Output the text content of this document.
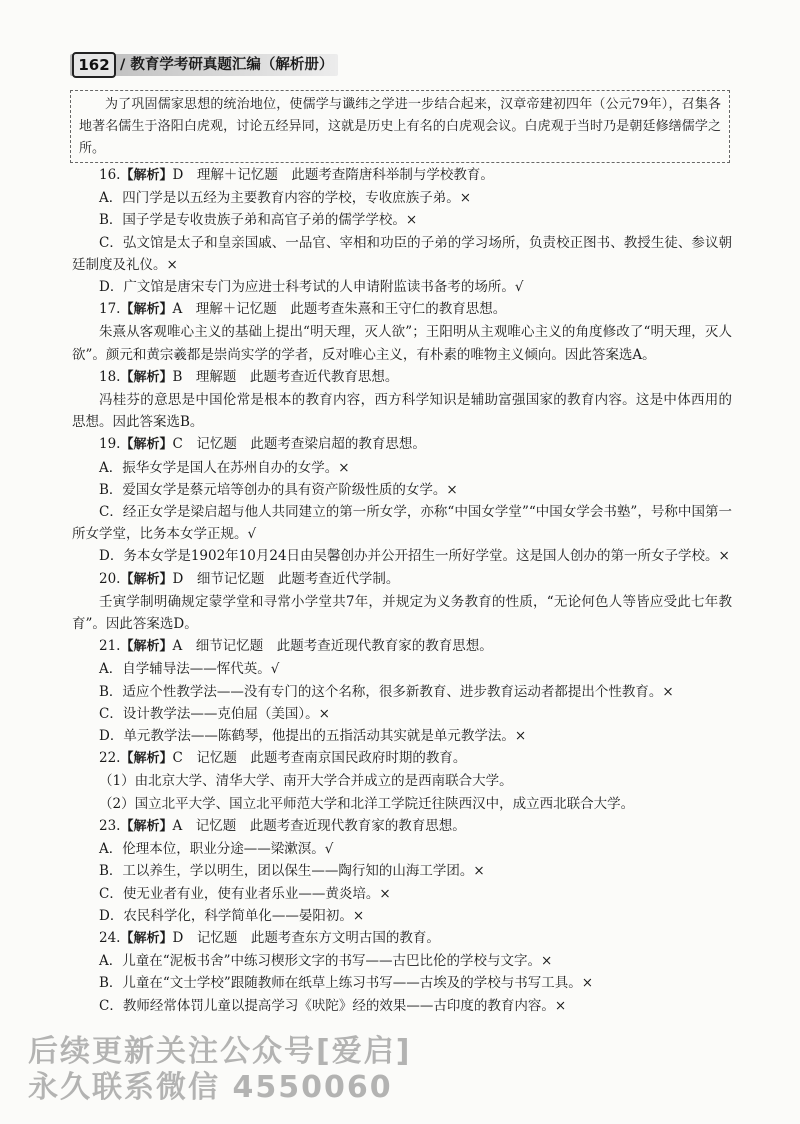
162 / 教育学考研真题汇编（解析册）

为了巩固儒家思想的统治地位，使儒学与谶纬之学进一步结合起来，汉章帝建初四年（公元79年），召集各地著名儒生于洛阳白虎观，讨论五经异同，这就是历史上有名的白虎观会议。白虎观于当时乃是朝廷修缮儒学之所。

16.【解析】D　理解＋记忆题　此题考查隋唐科举制与学校教育。
A．四门学是以五经为主要教育内容的学校，专收庶族子弟。×
B．国子学是专收贵族子弟和高官子弟的儒学学校。×
C．弘文馆是太子和皇亲国戚、一品官、宰相和功臣的子弟的学习场所，负责校正图书、教授生徒、参议朝廷制度及礼仪。×
D．广文馆是唐宋专门为应进士科考试的人申请附监读书备考的场所。√
17.【解析】A　理解＋记忆题　此题考查朱熹和王守仁的教育思想。
朱熹从客观唯心主义的基础上提出“明天理，灭人欲”；王阳明从主观唯心主义的角度修改了“明天理，灭人欲”。颜元和黄宗羲都是崇尚实学的学者，反对唯心主义，有朴素的唯物主义倾向。因此答案选A。
18.【解析】B　理解题　此题考查近代教育思想。
冯桂芬的意思是中国伦常是根本的教育内容，西方科学知识是辅助富强国家的教育内容。这是中体西用的思想。因此答案选B。
19.【解析】C　记忆题　此题考查梁启超的教育思想。
A．振华女学是国人在苏州自办的女学。×
B．爱国女学是蔡元培等创办的具有资产阶级性质的女学。×
C．经正女学是梁启超与他人共同建立的第一所女学，亦称“中国女学堂”“中国女学会书塾”，号称中国第一所女学堂，比务本女学正规。√
D．务本女学是1902年10月24日由吴馨创办并公开招生一所好学堂。这是国人创办的第一所女子学校。×
20.【解析】D　细节记忆题　此题考查近代学制。
壬寅学制明确规定蒙学堂和寻常小学堂共7年，并规定为义务教育的性质，“无论何色人等皆应受此七年教育”。因此答案选D。
21.【解析】A　细节记忆题　此题考查近现代教育家的教育思想。
A．自学辅导法——恽代英。√
B．适应个性教学法——没有专门的这个名称，很多新教育、进步教育运动者都提出个性教育。×
C．设计教学法——克伯屈（美国）。×
D．单元教学法——陈鹤琴，他提出的五指活动其实就是单元教学法。×
22.【解析】C　记忆题　此题考查南京国民政府时期的教育。
（1）由北京大学、清华大学、南开大学合并成立的是西南联合大学。
（2）国立北平大学、国立北平师范大学和北洋工学院迁往陕西汉中，成立西北联合大学。
23.【解析】A　记忆题　此题考查近现代教育家的教育思想。
A．伦理本位，职业分途——梁漱溟。√
B．工以养生，学以明生，团以保生——陶行知的山海工学团。×
C．使无业者有业，使有业者乐业——黄炎培。×
D．农民科学化，科学简单化——晏阳初。×
24.【解析】D　记忆题　此题考查东方文明古国的教育。
A．儿童在“泥板书舍”中练习楔形文字的书写——古巴比伦的学校与文字。×
B．儿童在“文士学校”跟随教师在纸草上练习书写——古埃及的学校与书写工具。×
C．教师经常体罚儿童以提高学习《吠陀》经的效果——古印度的教育内容。×
后续更新关注公众号[爱启]
永久联系微信 4550060
